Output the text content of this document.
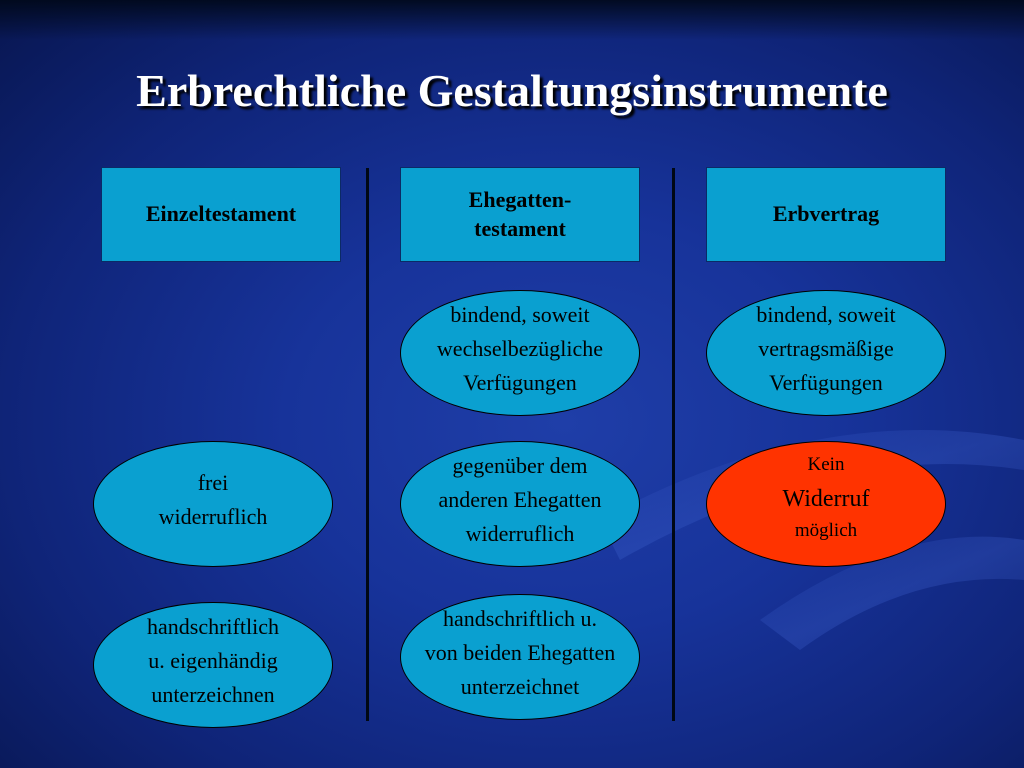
Erbrechtliche Gestaltungsinstrumente
Einzeltestament
frei
widerruflich
handschriftlich
u. eigenhändig
unterzeichnen
Ehegatten-
testament
bindend, soweit
wechselbezügliche
Verfügungen
gegenüber dem
anderen Ehegatten
widerruflich
handschriftlich u.
von beiden Ehegatten
unterzeichnet
Erbvertrag
bindend, soweit
vertragsmäßige
Verfügungen

Kein
Widerruf

möglich
